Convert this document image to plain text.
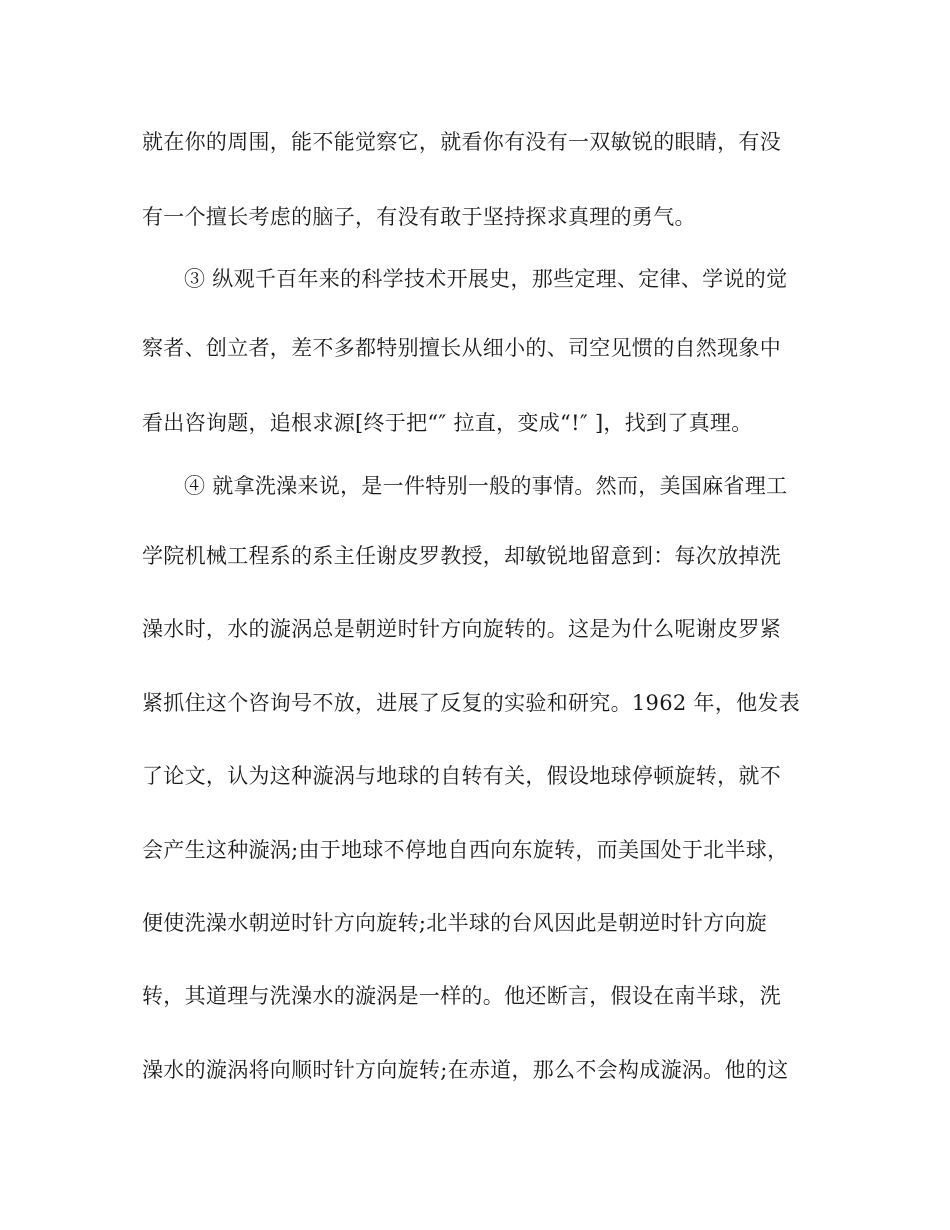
就在你的周围，能不能觉察它，就看你有没有一双敏锐的眼睛，有没
有一个擅长考虑的脑子，有没有敢于坚持探求真理的勇气。
③ 纵观千百年来的科学技术开展史，那些定理、定律、学说的觉
察者、创立者，差不多都特别擅长从细小的、司空见惯的自然现象中
看出咨询题，追根求源[终于把“″ 拉直，变成“!″ ]，找到了真理。
④ 就拿洗澡来说，是一件特别一般的事情。然而，美国麻省理工
学院机械工程系的系主任谢皮罗教授，却敏锐地留意到：每次放掉洗
澡水时，水的漩涡总是朝逆时针方向旋转的。这是为什么呢谢皮罗紧
紧抓住这个咨询号不放，进展了反复的实验和研究。1962 年，他发表
了论文，认为这种漩涡与地球的自转有关，假设地球停顿旋转，就不
会产生这种漩涡;由于地球不停地自西向东旋转，而美国处于北半球，
便使洗澡水朝逆时针方向旋转;北半球的台风因此是朝逆时针方向旋
转，其道理与洗澡水的漩涡是一样的。他还断言，假设在南半球，洗
澡水的漩涡将向顺时针方向旋转;在赤道，那么不会构成漩涡。他的这
